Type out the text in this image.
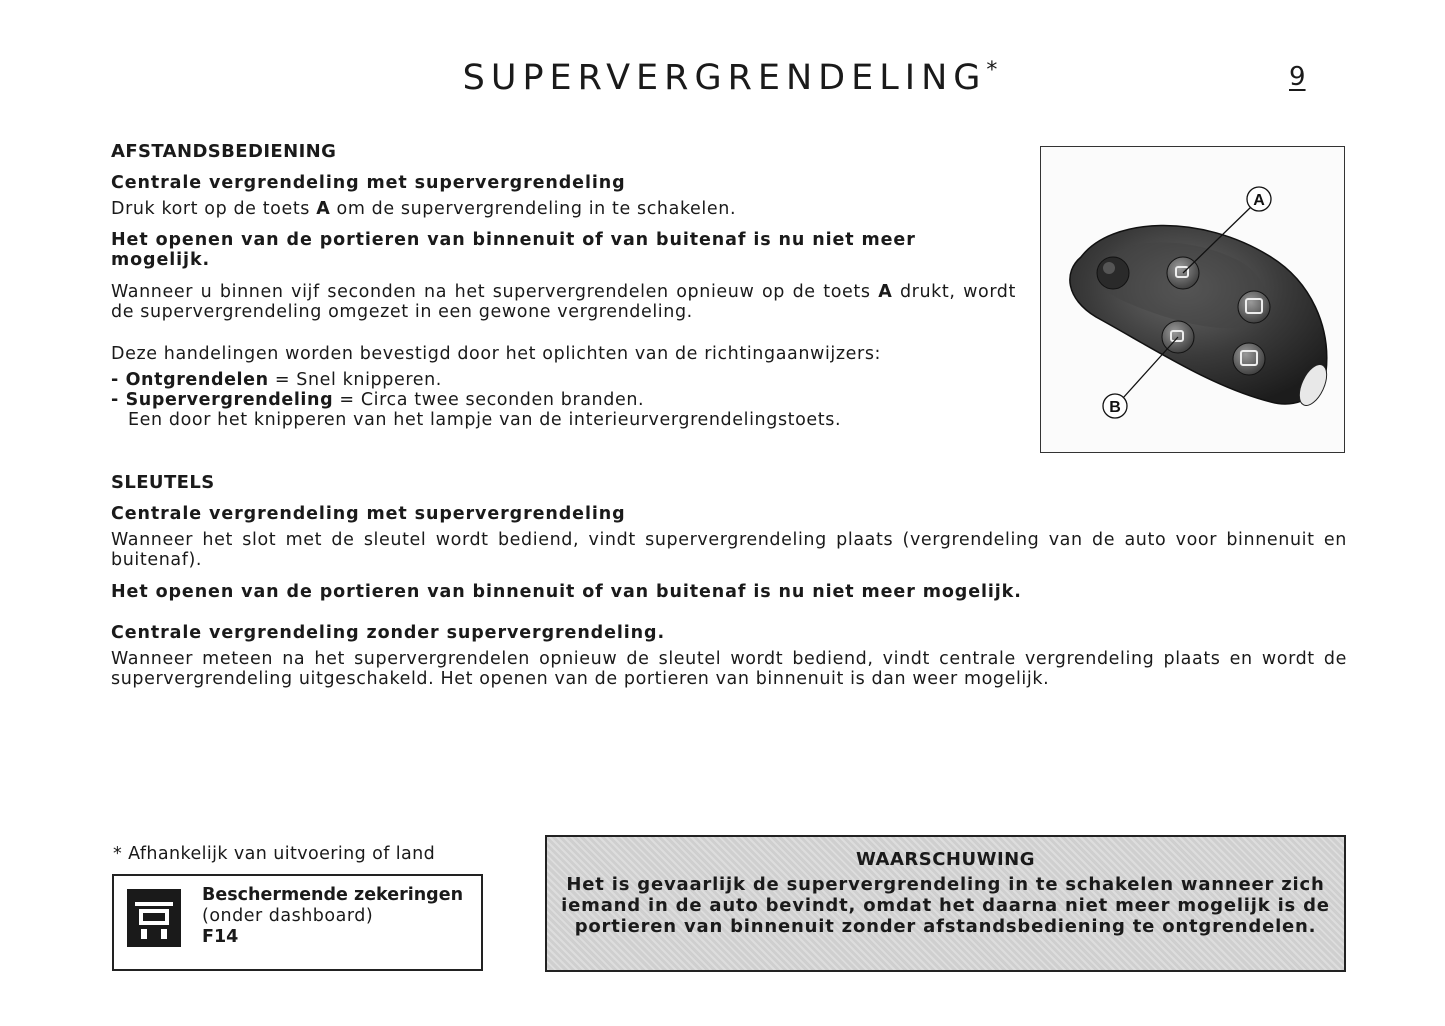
SUPERVERGRENDELING*	9
AFSTANDSBEDIENING
Centrale vergrendeling met supervergrendeling
Druk kort op de toets A om de supervergrendeling in te schakelen.
Het openen van de portieren van binnenuit of van buitenaf is nu niet meer mogelijk.
Wanneer u binnen vijf seconden na het supervergrendelen opnieuw op de toets A drukt, wordt de supervergrendeling omgezet in een gewone vergrendeling.
Deze handelingen worden bevestigd door het oplichten van de richtingaanwijzers:
- Ontgrendelen = Snel knipperen.
- Supervergrendeling = Circa twee seconden branden.
Een door het knipperen van het lampje van de interieurvergrendelingstoets.
A
B
SLEUTELS
Centrale vergrendeling met supervergrendeling
Wanneer het slot met de sleutel wordt bediend, vindt supervergrendeling plaats (vergrendeling van de auto voor binnenuit en buitenaf).
Het openen van de portieren van binnenuit of van buitenaf is nu niet meer mogelijk.
Centrale vergrendeling zonder supervergrendeling.
Wanneer meteen na het supervergrendelen opnieuw de sleutel wordt bediend, vindt centrale vergrendeling plaats en wordt de supervergrendeling uitgeschakeld. Het openen van de portieren van binnenuit is dan weer mogelijk.
* Afhankelijk van uitvoering of land
Beschermende zekeringen
(onder dashboard)
F14
WAARSCHUWING
Het is gevaarlijk de supervergrendeling in te schakelen wanneer zich iemand in de auto bevindt, omdat het daarna niet meer mogelijk is de portieren van binnenuit zonder afstandsbediening te ontgrendelen.
